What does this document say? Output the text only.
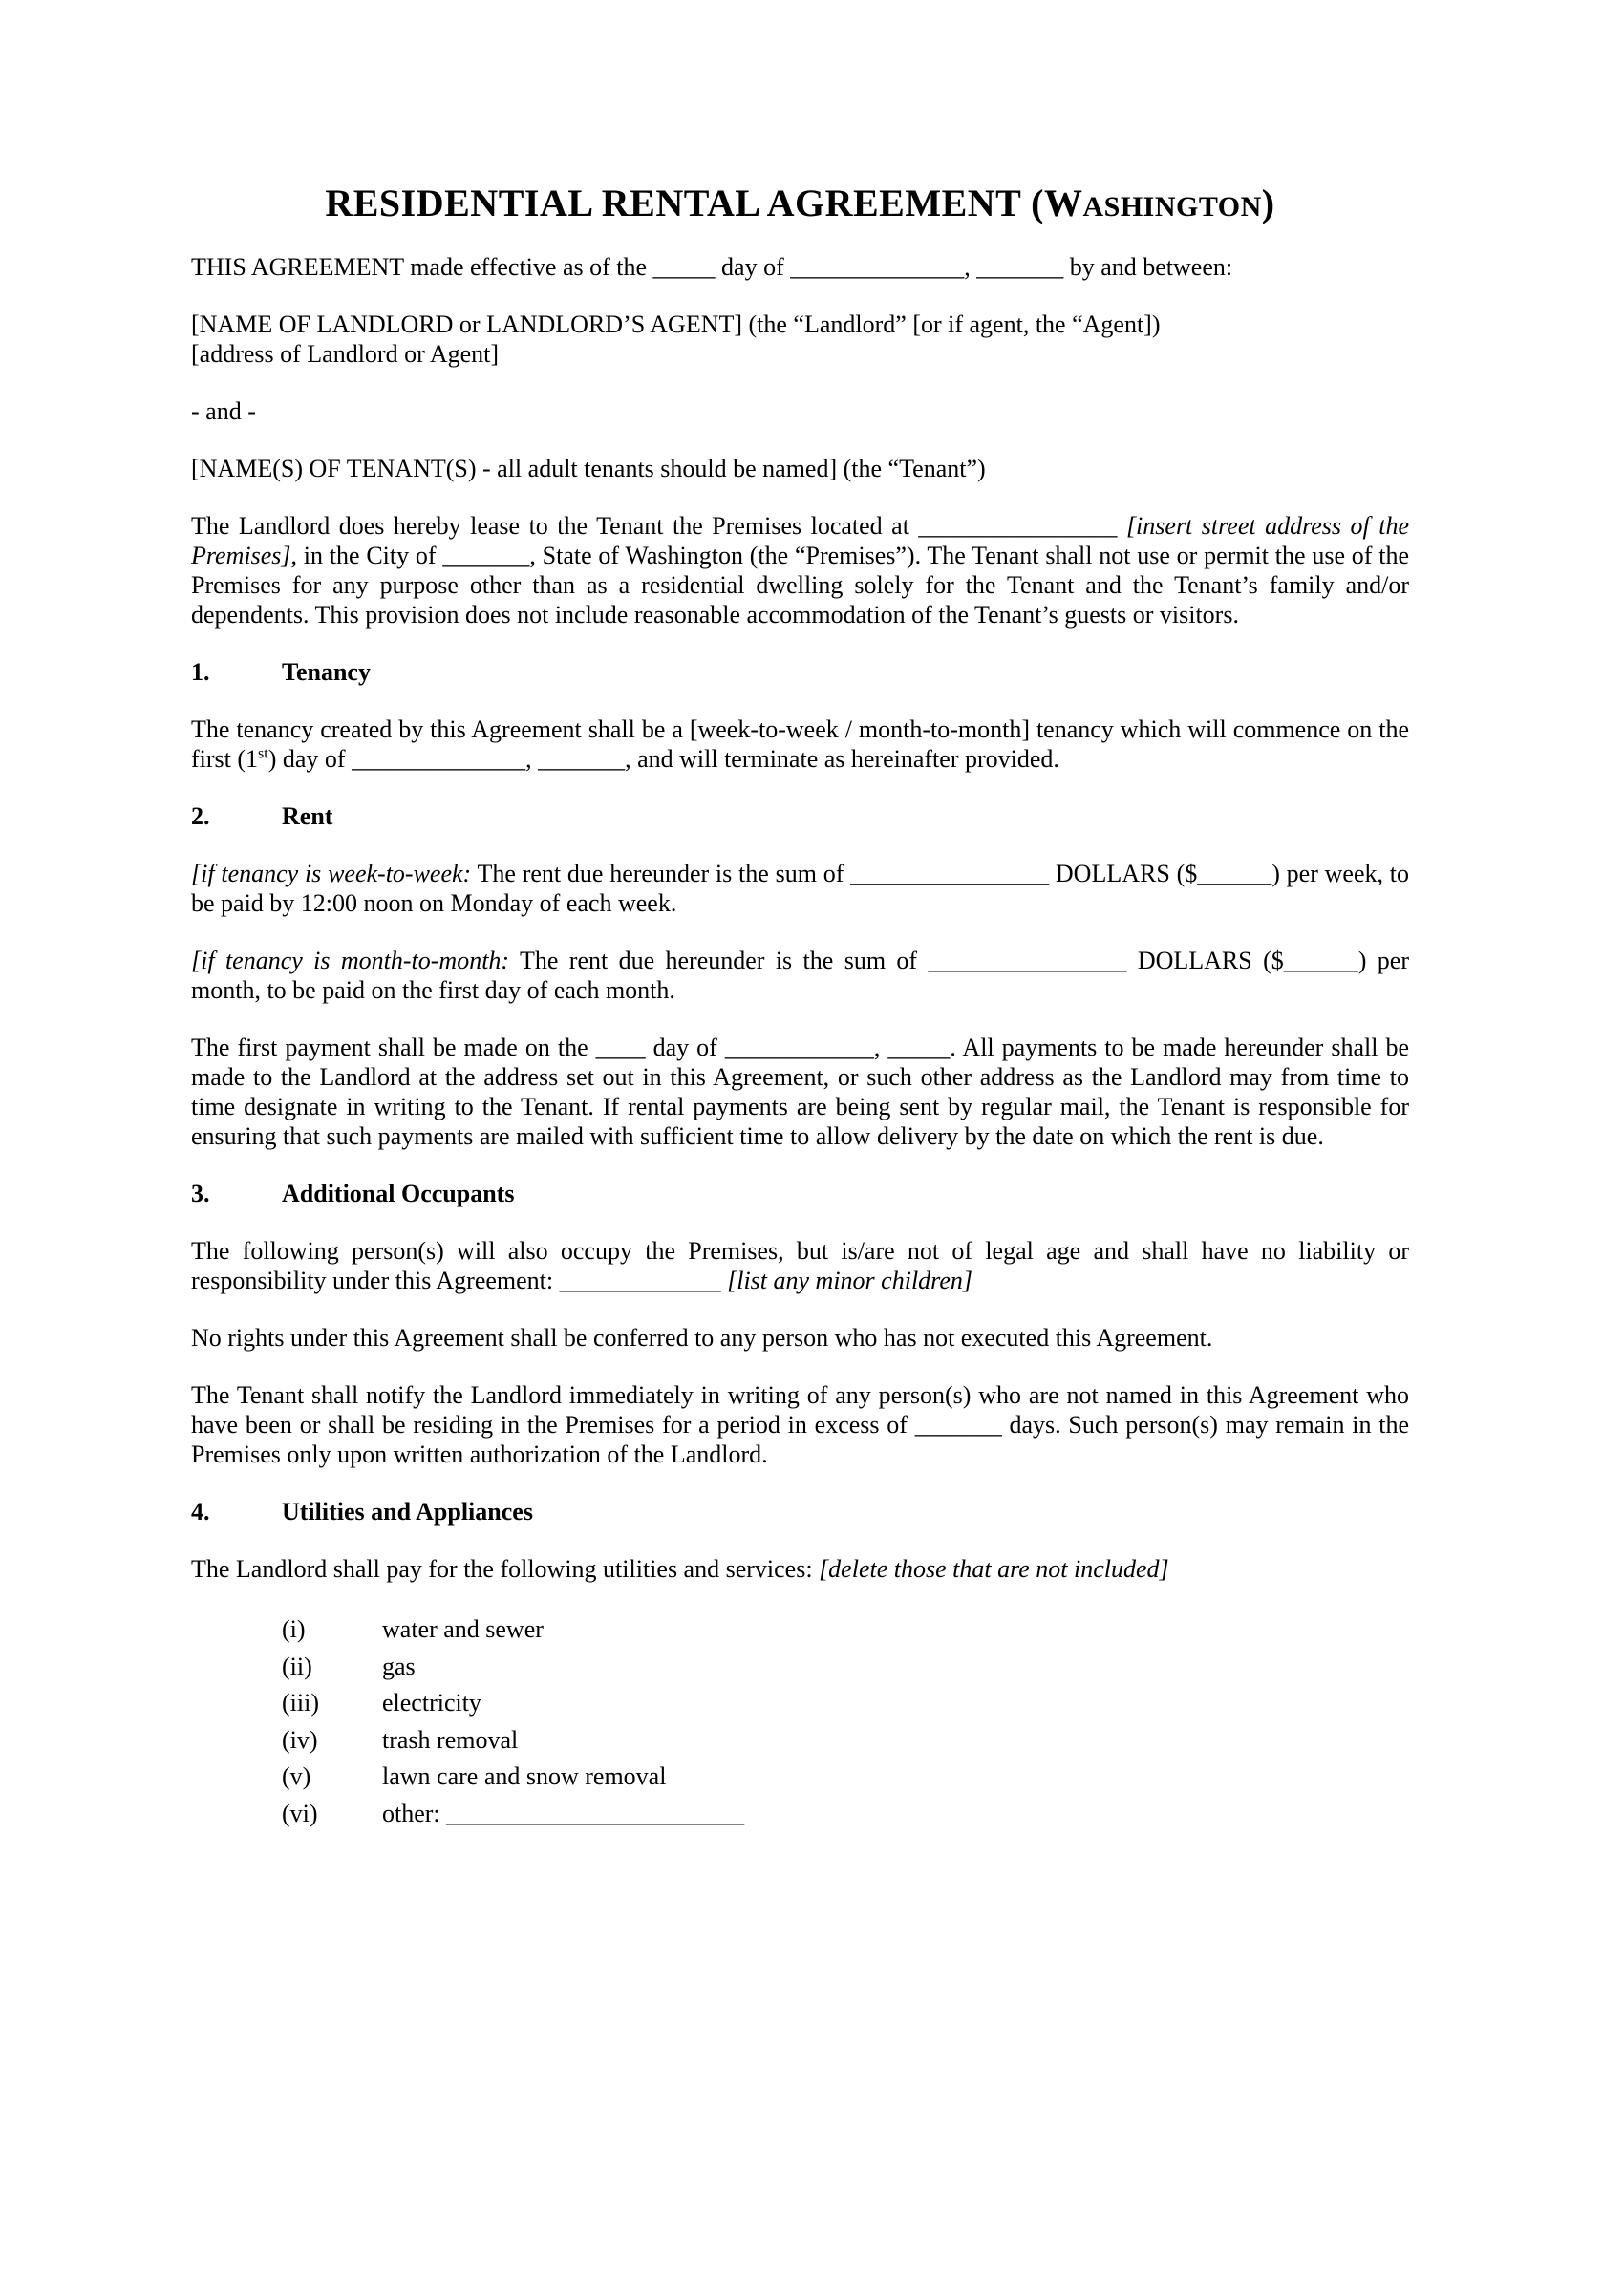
RESIDENTIAL RENTAL AGREEMENT (WASHINGTON)

THIS AGREEMENT made effective as of the _____ day of ______________, _______ by and between:

[NAME OF LANDLORD or LANDLORD’S AGENT] (the “Landlord” [or if agent, the “Agent])

[address of Landlord or Agent]

- and -

[NAME(S) OF TENANT(S) - all adult tenants should be named] (the “Tenant”)

The Landlord does hereby lease to the Tenant the Premises located at ________________ [insert street address of the Premises], in the City of _______, State of Washington (the “Premises”). The Tenant shall not use or permit the use of the Premises for any purpose other than as a residential dwelling solely for the Tenant and the Tenant’s family and/or dependents. This provision does not include reasonable accommodation of the Tenant’s guests or visitors.

1.	Tenancy

The tenancy created by this Agreement shall be a [week-to-week / month-to-month] tenancy which will commence on the first (1st) day of ______________, _______, and will terminate as hereinafter provided.

2.	Rent

[if tenancy is week-to-week: The rent due hereunder is the sum of ________________ DOLLARS ($______) per week, to be paid by 12:00 noon on Monday of each week.

[if tenancy is month-to-month: The rent due hereunder is the sum of ________________ DOLLARS ($______) per month, to be paid on the first day of each month.

The first payment shall be made on the ____ day of ____________, _____. All payments to be made hereunder shall be made to the Landlord at the address set out in this Agreement, or such other address as the Landlord may from time to time designate in writing to the Tenant. If rental payments are being sent by regular mail, the Tenant is responsible for ensuring that such payments are mailed with sufficient time to allow delivery by the date on which the rent is due.

3.	Additional Occupants

The following person(s) will also occupy the Premises, but is/are not of legal age and shall have no liability or responsibility under this Agreement: _____________ [list any minor children]

No rights under this Agreement shall be conferred to any person who has not executed this Agreement.

The Tenant shall notify the Landlord immediately in writing of any person(s) who are not named in this Agreement who have been or shall be residing in the Premises for a period in excess of _______ days. Such person(s) may remain in the Premises only upon written authorization of the Landlord.

4.	Utilities and Appliances

The Landlord shall pay for the following utilities and services: [delete those that are not included]

(i)	water and sewer
(ii)	gas
(iii)	electricity
(iv)	trash removal
(v)	lawn care and snow removal
(vi)	other: ________________________
